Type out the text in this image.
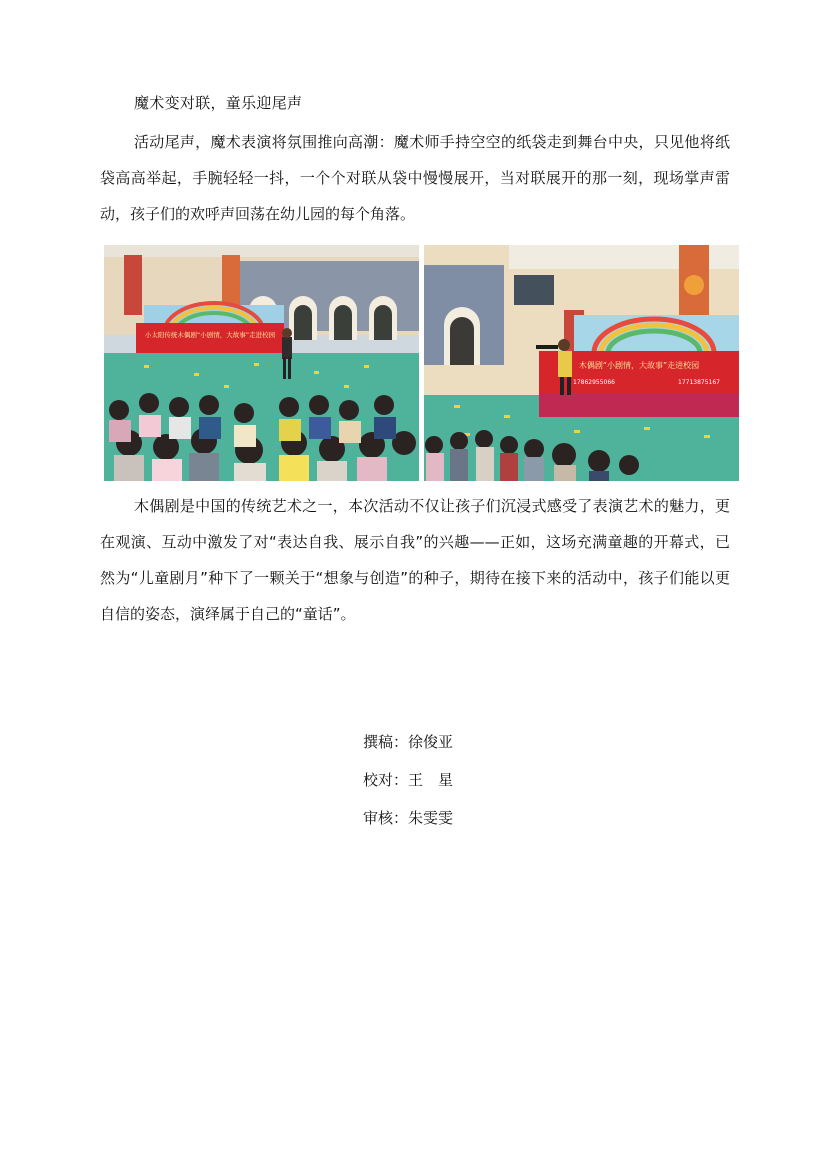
魔术变对联，童乐迎尾声

活动尾声，魔术表演将氛围推向高潮：魔术师手持空空的纸袋走到舞台中央，只见他将纸袋高高举起，手腕轻轻一抖，一个个对联从袋中慢慢展开，当对联展开的那一刻，现场掌声雷动，孩子们的欢呼声回荡在幼儿园的每个角落。

小太阳传统木偶剧“小剧情，大故事”走进校园
木偶剧“小剧情，大故事”走进校园
17862955066	17713875167

木偶剧是中国的传统艺术之一，本次活动不仅让孩子们沉浸式感受了表演艺术的魅力，更在观演、互动中激发了对“表达自我、展示自我”的兴趣——正如，这场充满童趣的开幕式，已然为“儿童剧月”种下了一颗关于“想象与创造”的种子，期待在接下来的活动中，孩子们能以更自信的姿态，演绎属于自己的“童话”。

撰稿：徐俊亚
校对：王　星
审核：朱雯雯
